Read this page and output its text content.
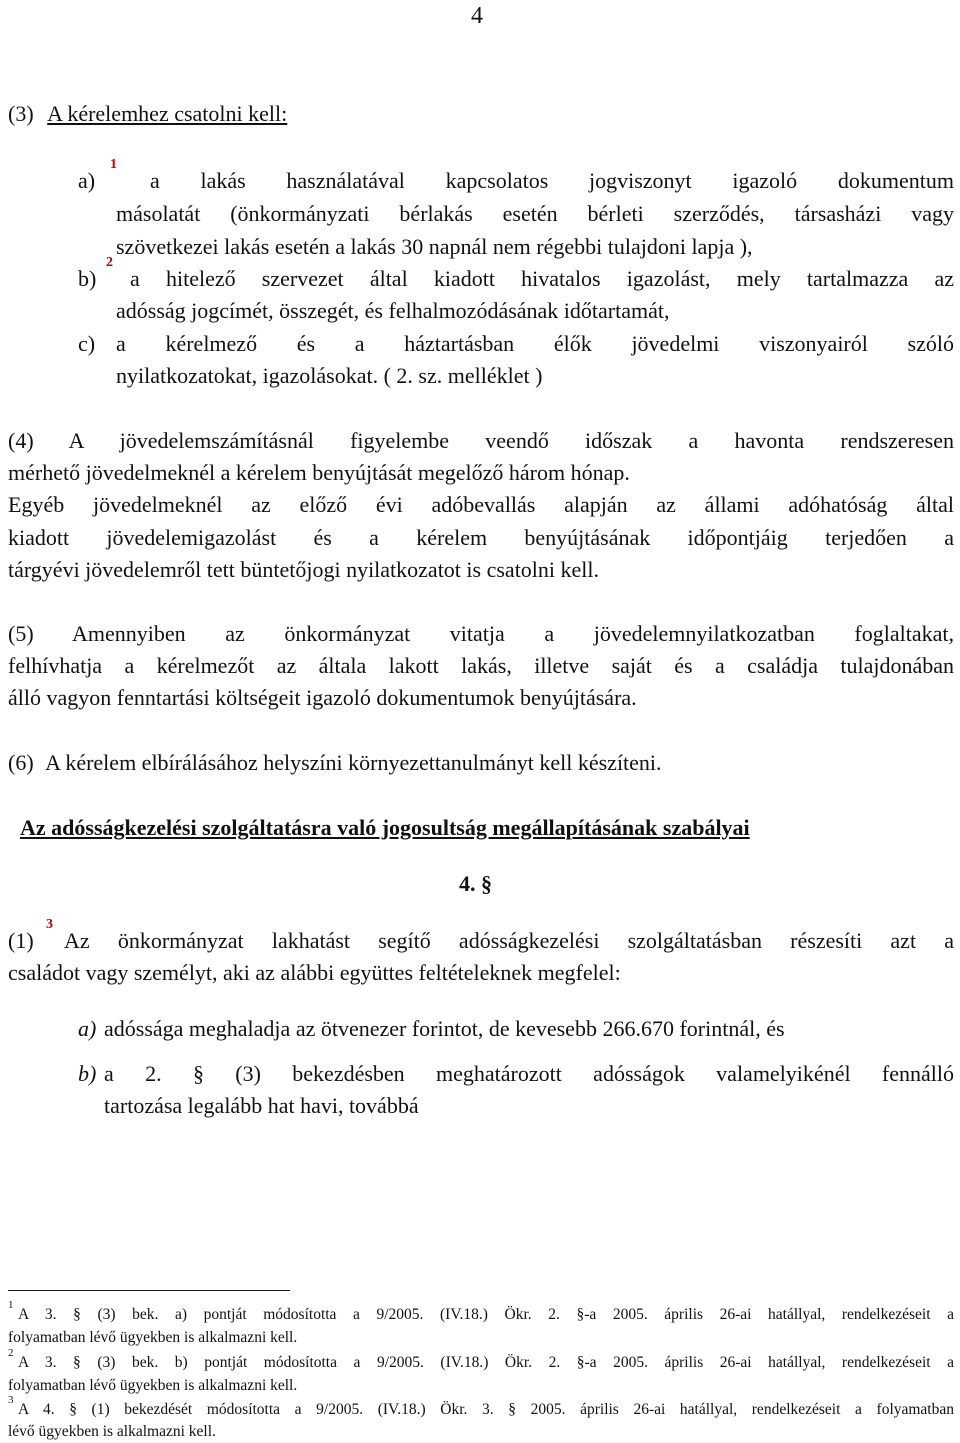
4
(3) A kérelemhez csatolni kell:
a)
1
a lakás használatával kapcsolatos jogviszonyt igazoló dokumentum
másolatát (önkormányzati bérlakás esetén bérleti szerződés, társasházi vagy
szövetkezei lakás esetén a lakás 30 napnál nem régebbi tulajdoni lapja ),
b)
2
a hitelező szervezet által kiadott hivatalos igazolást, mely tartalmazza az
adósság jogcímét, összegét, és felhalmozódásának időtartamát,
c) a kérelmező és a háztartásban élők jövedelmi viszonyairól szóló
nyilatkozatokat, igazolásokat. ( 2. sz. melléklet )
(4) A jövedelemszámításnál figyelembe veendő időszak a havonta rendszeresen
mérhető jövedelmeknél a kérelem benyújtását megelőző három hónap.
Egyéb jövedelmeknél az előző évi adóbevallás alapján az állami adóhatóság által
kiadott jövedelemigazolást és a kérelem benyújtásának időpontjáig terjedően a
tárgyévi jövedelemről tett büntetőjogi nyilatkozatot is csatolni kell.
(5) Amennyiben az önkormányzat vitatja a jövedelemnyilatkozatban foglaltakat,
felhívhatja a kérelmezőt az általa lakott lakás, illetve saját és a családja tulajdonában
álló vagyon fenntartási költségeit igazoló dokumentumok benyújtására.
(6) A kérelem elbírálásához helyszíni környezettanulmányt kell készíteni.
Az adósságkezelési szolgáltatásra való jogosultság megállapításának szabályai
4. §
(1)
3
Az önkormányzat lakhatást segítő adósságkezelési szolgáltatásban részesíti azt a
családot vagy személyt, aki az alábbi együttes feltételeknek megfelel:
a) adóssága meghaladja az ötvenezer forintot, de kevesebb 266.670 forintnál, és
b) a 2. § (3) bekezdésben meghatározott adósságok valamelyikénél fennálló
tartozása legalább hat havi, továbbá
1
A 3. § (3) bek. a) pontját módosította a 9/2005. (IV.18.) Ökr. 2. §-a 2005. április 26-ai hatállyal, rendelkezéseit a
folyamatban lévő ügyekben is alkalmazni kell.
2
A 3. § (3) bek. b) pontját módosította a 9/2005. (IV.18.) Ökr. 2. §-a 2005. április 26-ai hatállyal, rendelkezéseit a
folyamatban lévő ügyekben is alkalmazni kell.
3
A 4. § (1) bekezdését módosította a 9/2005. (IV.18.) Ökr. 3. § 2005. április 26-ai hatállyal, rendelkezéseit a folyamatban
lévő ügyekben is alkalmazni kell.
